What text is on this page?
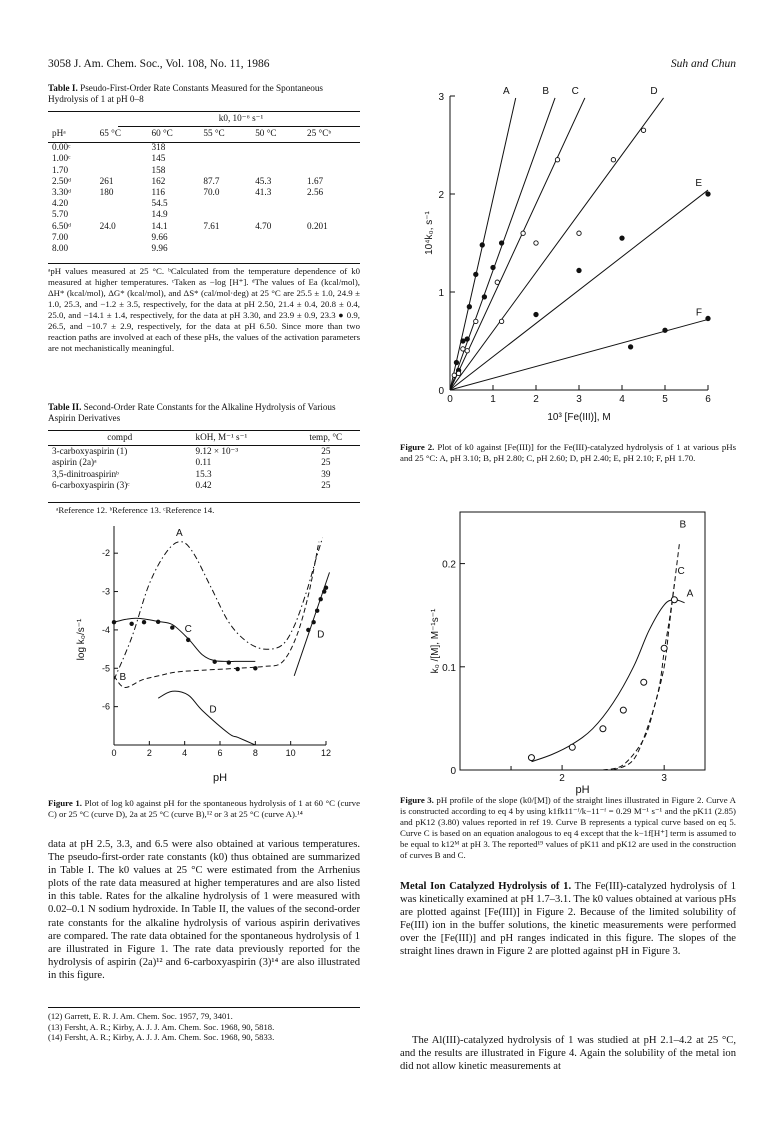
3058 J. Am. Chem. Soc., Vol. 108, No. 11, 1986	Suh and Chun
Table I. Pseudo-First-Order Rate Constants Measured for the Spontaneous Hydrolysis of 1 at pH 0–8
k0, 10⁻⁶ s⁻¹
pHᵃ	65 °C	60 °C	55 °C	50 °C	25 °Cᵇ
0.00ᶜ		318			
1.00ᶜ		145			
1.70		158			
2.50ᵈ	261	162	87.7	45.3	1.67
3.30ᵈ	180	116	70.0	41.3	2.56
4.20		54.5			
5.70		14.9			
6.50ᵈ	24.0	14.1	7.61	4.70	0.201
7.00		9.66			
8.00		9.96			
ᵃpH values measured at 25 °C. ᵇCalculated from the temperature dependence of k0 measured at higher temperatures. ᶜTaken as −log [H⁺]. ᵈThe values of Ea (kcal/mol), ΔH* (kcal/mol), ΔG* (kcal/mol), and ΔS* (cal/mol·deg) at 25 °C are 25.5 ± 1.0, 24.9 ± 1.0, 25.3, and −1.2 ± 3.5, respectively, for the data at pH 2.50, 21.4 ± 0.4, 20.8 ± 0.4, 25.0, and −14.1 ± 1.4, respectively, for the data at pH 3.30, and 23.9 ± 0.9, 23.3 ● 0.9, 26.5, and −10.7 ± 2.9, respectively, for the data at pH 6.50. Since more than two reaction paths are involved at each of these pHs, the values of the activation parameters are not mechanistically meaningful.
Table II. Second-Order Rate Constants for the Alkaline Hydrolysis of Various Aspirin Derivatives
compd	kOH, M⁻¹ s⁻¹	temp, °C
3-carboxyaspirin (1)	9.12 × 10⁻³	25
aspirin (2a)ᵃ	0.11	25
3,5-dinitroaspirinᵇ	15.3	39
6-carboxyaspirin (3)ᶜ	0.42	25
ᵃReference 12. ᵇReference 13. ᶜReference 14.
0	2	4	6	8	10	12
-2
-3
-4
-5
-6
pH
log k₀/s⁻¹
A
B
C
D
D
Figure 1. Plot of log k0 against pH for the spontaneous hydrolysis of 1 at 60 °C (curve C) or 25 °C (curve D), 2a at 25 °C (curve B),¹² or 3 at 25 °C (curve A).¹⁴
data at pH 2.5, 3.3, and 6.5 were also obtained at various temperatures. The pseudo-first-order rate constants (k0) thus obtained are summarized in Table I. The k0 values at 25 °C were estimated from the Arrhenius plots of the rate data measured at higher temperatures and are also listed in this table. Rates for the alkaline hydrolysis of 1 were measured with 0.02–0.1 N sodium hydroxide. In Table II, the values of the second-order rate constants for the alkaline hydrolysis of various aspirin derivatives are compared. The rate data obtained for the spontaneous hydrolysis of 1 are illustrated in Figure 1. The rate data previously reported for the hydrolysis of aspirin (2a)¹² and 6-carboxyaspirin (3)¹⁴ are also illustrated in this figure.
(12) Garrett, E. R. J. Am. Chem. Soc. 1957, 79, 3401.
(13) Fersht, A. R.; Kirby, A. J. J. Am. Chem. Soc. 1968, 90, 5818.
(14) Fersht, A. R.; Kirby, A. J. J. Am. Chem. Soc. 1968, 90, 5833.
0	1	2	3	4	5	6
1
2
3
0
10³ [Fe(III)], M
10⁴k₀, s⁻¹
A	B C	D
E
F
Figure 2. Plot of k0 against [Fe(III)] for the Fe(III)-catalyzed hydrolysis of 1 at various pHs and 25 °C: A, pH 3.10; B, pH 2.80; C, pH 2.60; D, pH 2.40; E, pH 2.10; F, pH 1.70.
2	3
0
0.1
0.2
pH
k₀ /[M], M⁻¹s⁻¹
A
B
C
Figure 3. pH profile of the slope (k0/[M]) of the straight lines illustrated in Figure 2. Curve A is constructed according to eq 4 by using k1fk11⁻ᶠ/k−11⁻ᶠ = 0.29 M⁻¹ s⁻¹ and the pK11 (2.85) and pK12 (3.80) values reported in ref 19. Curve B represents a typical curve based on eq 5. Curve C is based on an equation analogous to eq 4 except that the k−1f[H⁺] term is assumed to be equal to k12ᴹ at pH 3. The reported¹⁹ values of pK11 and pK12 are used in the construction of curves B and C.
Metal Ion Catalyzed Hydrolysis of 1. The Fe(III)-catalyzed hydrolysis of 1 was kinetically examined at pH 1.7–3.1. The k0 values obtained at various pHs are plotted against [Fe(III)] in Figure 2. Because of the limited solubility of Fe(III) ion in the buffer solutions, the kinetic measurements were performed over the [Fe(III)] and pH ranges indicated in this figure. The slopes of the straight lines drawn in Figure 2 are plotted against pH in Figure 3.
The Al(III)-catalyzed hydrolysis of 1 was studied at pH 2.1–4.2 at 25 °C, and the results are illustrated in Figure 4. Again the solubility of the metal ion did not allow kinetic measurements at
